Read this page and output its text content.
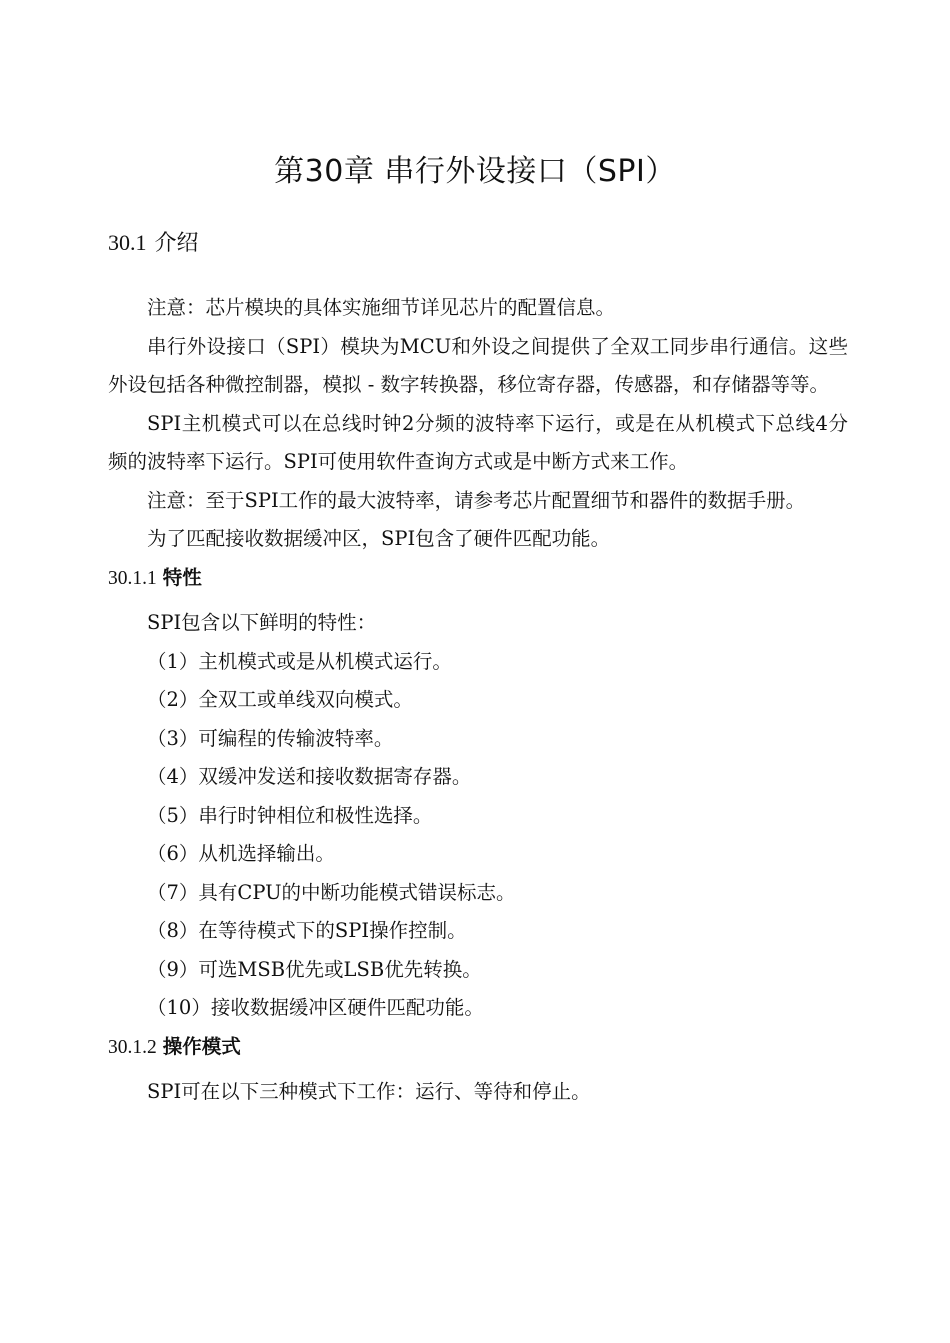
第30章 串行外设接口（SPI）
30.1 介绍

注意：芯片模块的具体实施细节详见芯片的配置信息。

串行外设接口（SPI）模块为MCU和外设之间提供了全双工同步串行通信。这些外设包括各种微控制器，模拟 - 数字转换器，移位寄存器，传感器，和存储器等等。

SPI主机模式可以在总线时钟2分频的波特率下运行，或是在从机模式下总线4分频的波特率下运行。SPI可使用软件查询方式或是中断方式来工作。

注意：至于SPI工作的最大波特率，请参考芯片配置细节和器件的数据手册。

为了匹配接收数据缓冲区，SPI包含了硬件匹配功能。

30.1.1 特性

SPI包含以下鲜明的特性：

（1）主机模式或是从机模式运行。
（2）全双工或单线双向模式。
（3）可编程的传输波特率。
（4）双缓冲发送和接收数据寄存器。
（5）串行时钟相位和极性选择。
（6）从机选择输出。
（7）具有CPU的中断功能模式错误标志。
（8）在等待模式下的SPI操作控制。
（9）可选MSB优先或LSB优先转换。
（10）接收数据缓冲区硬件匹配功能。
30.1.2 操作模式

SPI可在以下三种模式下工作：运行、等待和停止。
